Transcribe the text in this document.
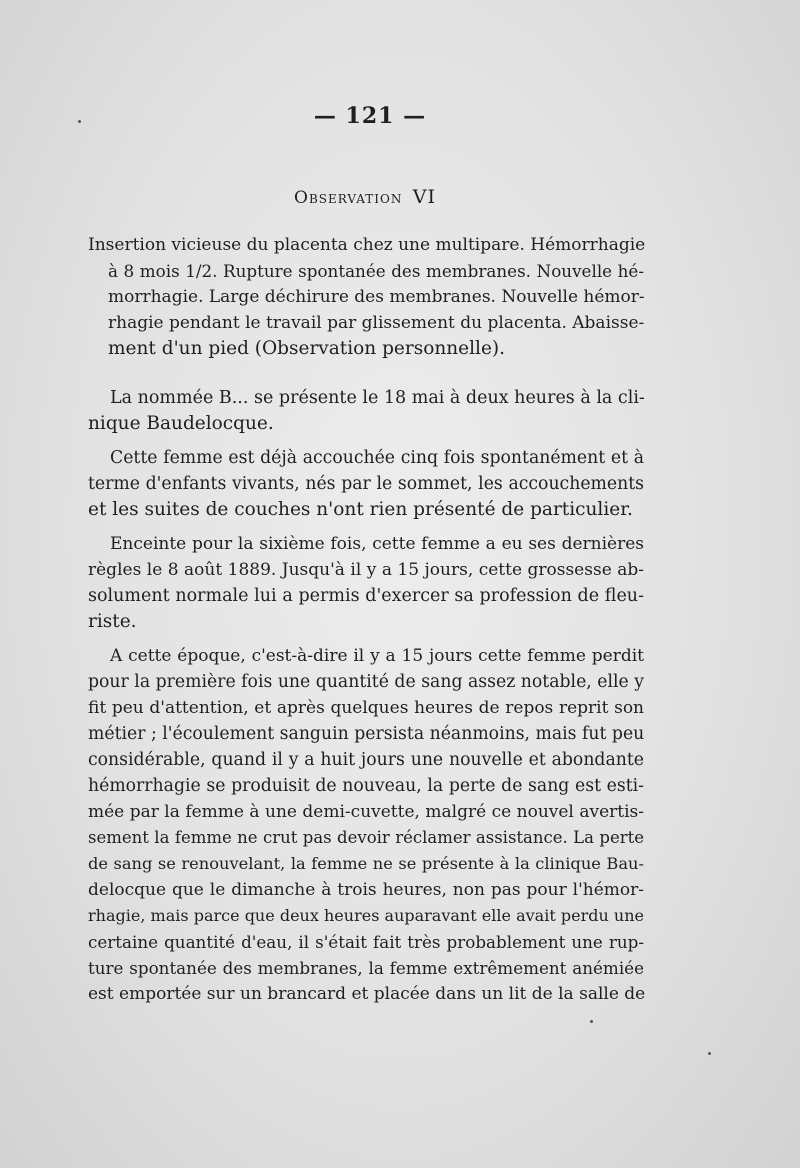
— 121 —
Observation VI
Insertion vicieuse du placenta chez une multipare. Hémorrhagie
à 8 mois 1/2. Rupture spontanée des membranes. Nouvelle hé-
morrhagie. Large déchirure des membranes. Nouvelle hémor-
rhagie pendant le travail par glissement du placenta. Abaisse-
ment d'un pied (Observation personnelle).
La nommée B... se présente le 18 mai à deux heures à la cli-
nique Baudelocque.
Cette femme est déjà accouchée cinq fois spontanément et à
terme d'enfants vivants, nés par le sommet, les accouchements
et les suites de couches n'ont rien présenté de particulier.
Enceinte pour la sixième fois, cette femme a eu ses dernières
règles le 8 août 1889. Jusqu'à il y a 15 jours, cette grossesse ab-
solument normale lui a permis d'exercer sa profession de fleu-
riste.
A cette époque, c'est-à-dire il y a 15 jours cette femme perdit
pour la première fois une quantité de sang assez notable, elle y
fit peu d'attention, et après quelques heures de repos reprit son
métier ; l'écoulement sanguin persista néanmoins, mais fut peu
considérable, quand il y a huit jours une nouvelle et abondante
hémorrhagie se produisit de nouveau, la perte de sang est esti-
mée par la femme à une demi-cuvette, malgré ce nouvel avertis-
sement la femme ne crut pas devoir réclamer assistance. La perte
de sang se renouvelant, la femme ne se présente à la clinique Bau-
delocque que le dimanche à trois heures, non pas pour l'hémor-
rhagie, mais parce que deux heures auparavant elle avait perdu une
certaine quantité d'eau, il s'était fait très probablement une rup-
ture spontanée des membranes, la femme extrêmement anémiée
est emportée sur un brancard et placée dans un lit de la salle de
